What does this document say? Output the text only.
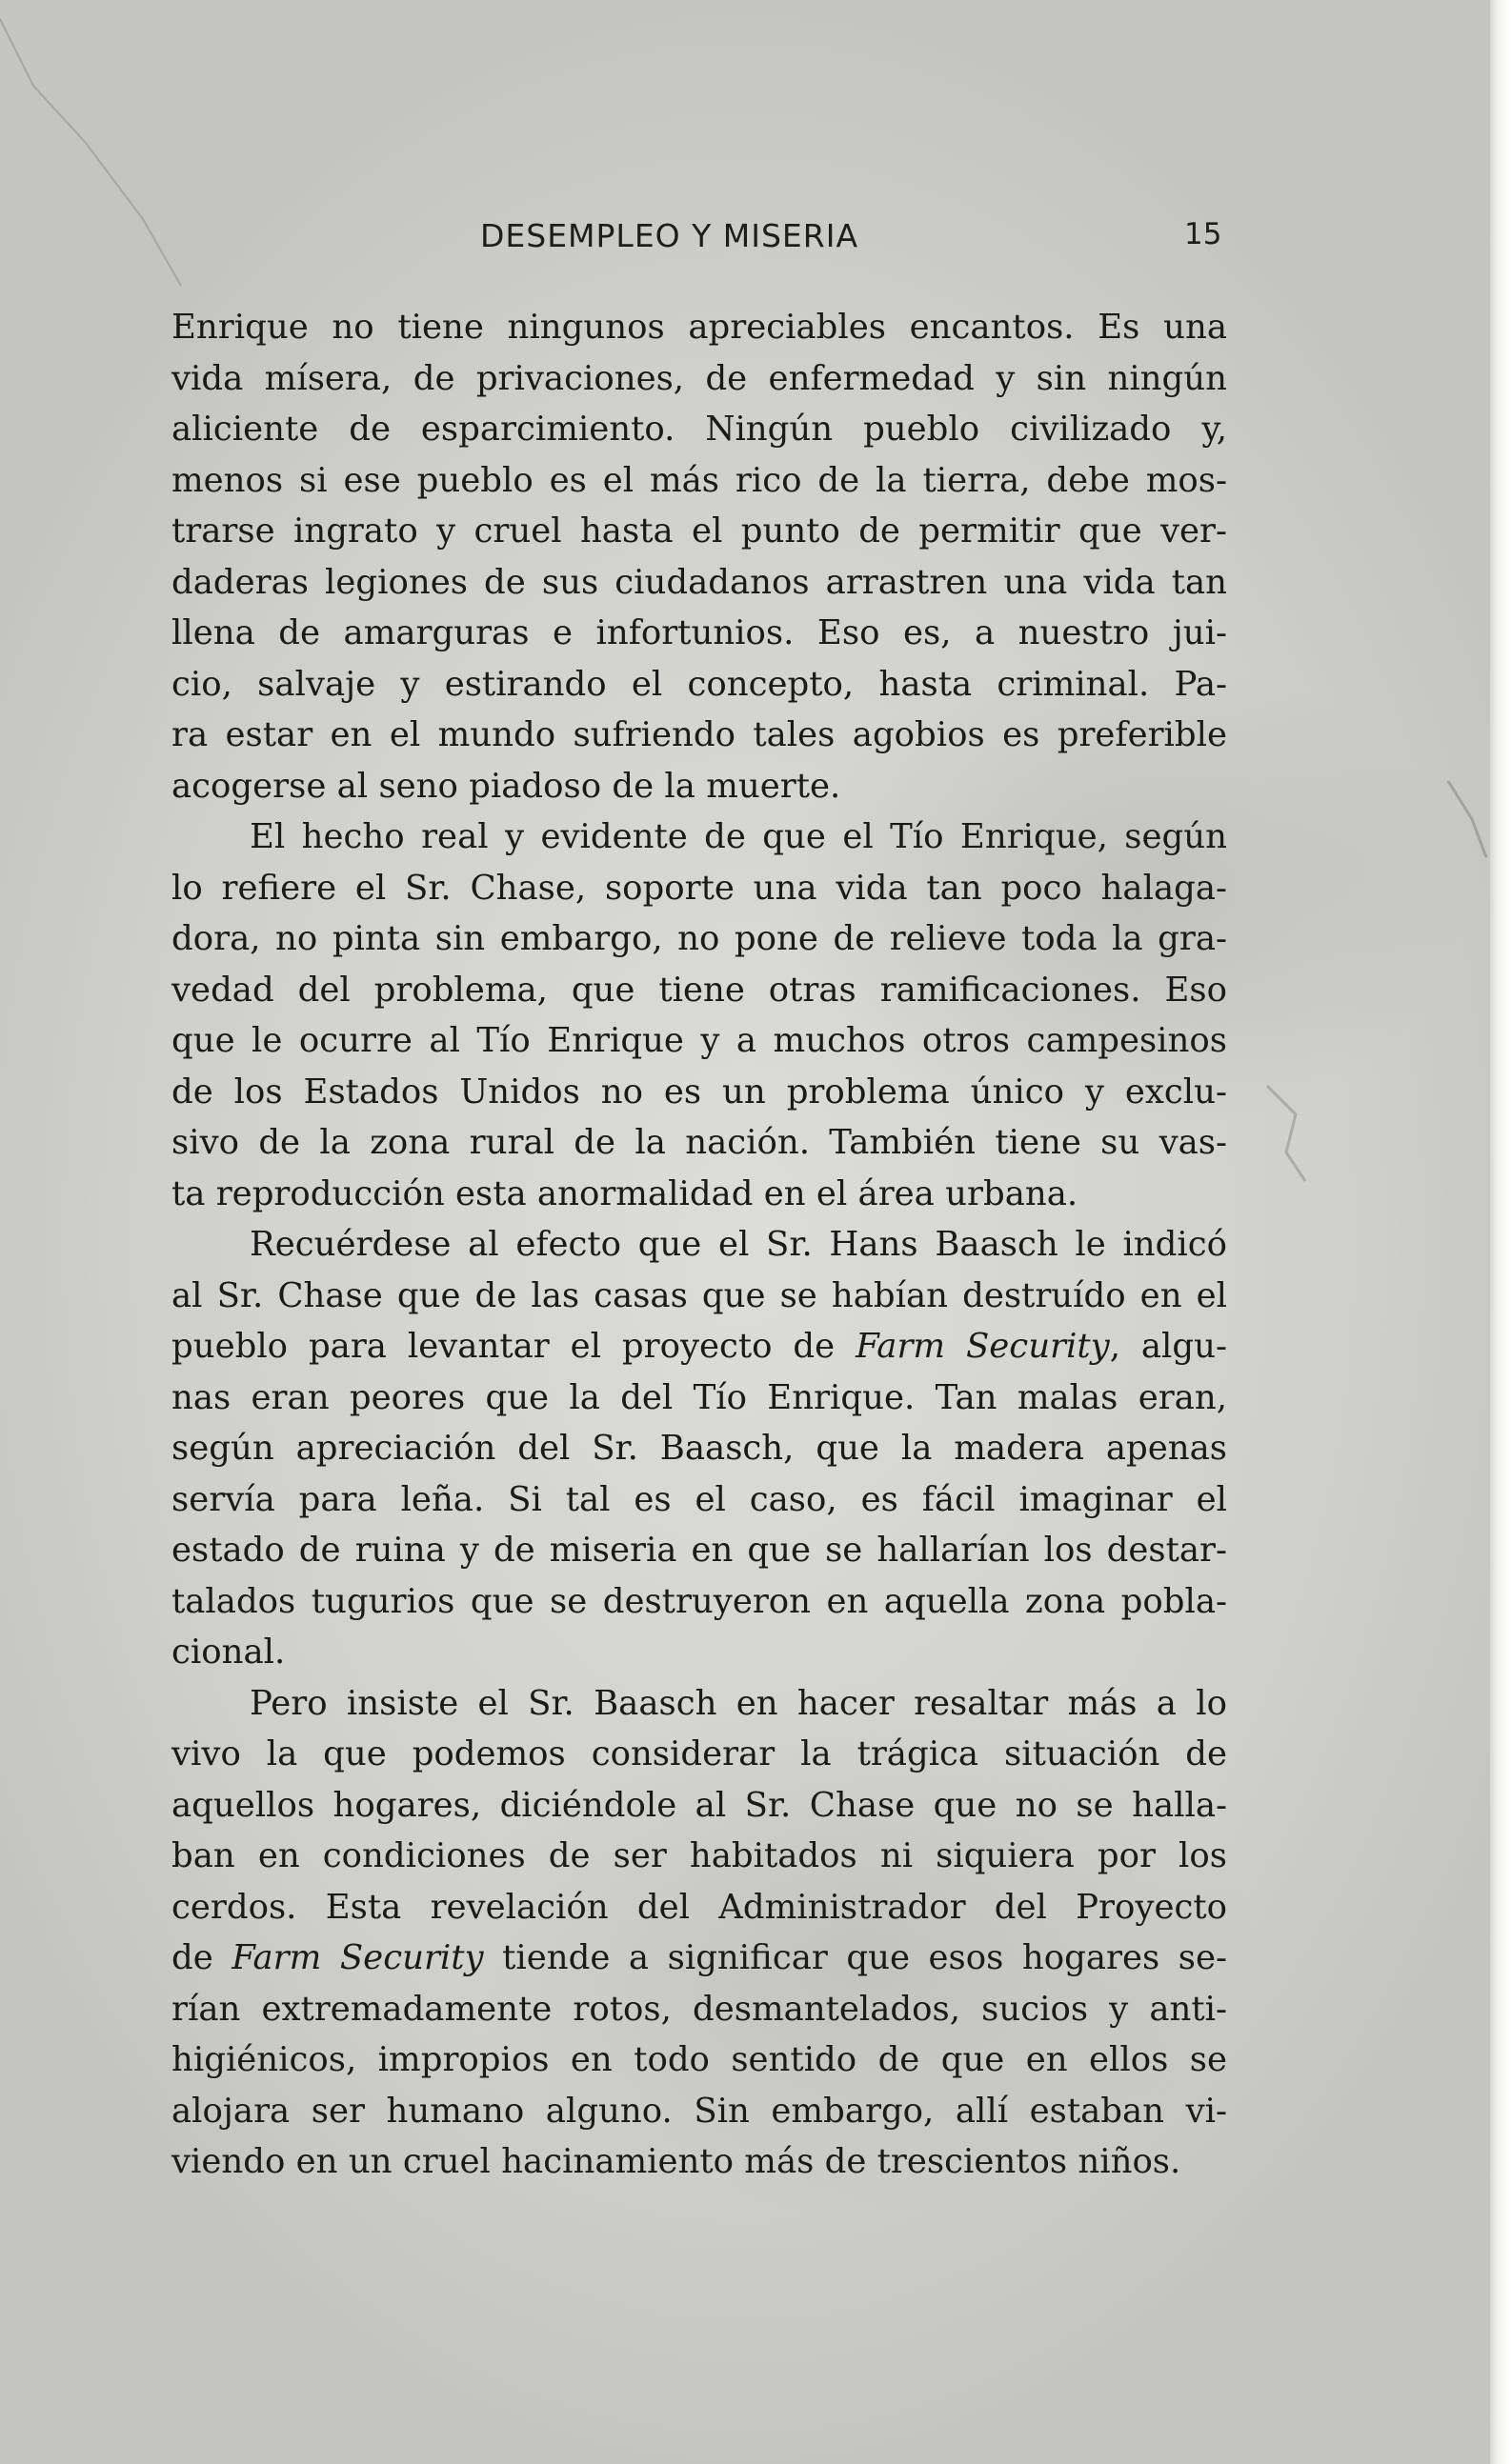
DESEMPLEO Y MISERIA	15
Enrique no tiene ningunos apreciables encantos. Es una
vida mísera, de privaciones, de enfermedad y sin ningún
aliciente de esparcimiento. Ningún pueblo civilizado y,
menos si ese pueblo es el más rico de la tierra, debe mos-
trarse ingrato y cruel hasta el punto de permitir que ver-
daderas legiones de sus ciudadanos arrastren una vida tan
llena de amarguras e infortunios. Eso es, a nuestro jui-
cio, salvaje y estirando el concepto, hasta criminal. Pa-
ra estar en el mundo sufriendo tales agobios es preferible
acogerse al seno piadoso de la muerte.
El hecho real y evidente de que el Tío Enrique, según
lo refiere el Sr. Chase, soporte una vida tan poco halaga-
dora, no pinta sin embargo, no pone de relieve toda la gra-
vedad del problema, que tiene otras ramificaciones. Eso
que le ocurre al Tío Enrique y a muchos otros campesinos
de los Estados Unidos no es un problema único y exclu-
sivo de la zona rural de la nación. También tiene su vas-
ta reproducción esta anormalidad en el área urbana.
Recuérdese al efecto que el Sr. Hans Baasch le indicó
al Sr. Chase que de las casas que se habían destruído en el
pueblo para levantar el proyecto de Farm Security, algu-
nas eran peores que la del Tío Enrique. Tan malas eran,
según apreciación del Sr. Baasch, que la madera apenas
servía para leña. Si tal es el caso, es fácil imaginar el
estado de ruina y de miseria en que se hallarían los destar-
talados tugurios que se destruyeron en aquella zona pobla-
cional.
Pero insiste el Sr. Baasch en hacer resaltar más a lo
vivo la que podemos considerar la trágica situación de
aquellos hogares, diciéndole al Sr. Chase que no se halla-
ban en condiciones de ser habitados ni siquiera por los
cerdos. Esta revelación del Administrador del Proyecto
de Farm Security tiende a significar que esos hogares se-
rían extremadamente rotos, desmantelados, sucios y anti-
higiénicos, impropios en todo sentido de que en ellos se
alojara ser humano alguno. Sin embargo, allí estaban vi-
viendo en un cruel hacinamiento más de trescientos niños.
